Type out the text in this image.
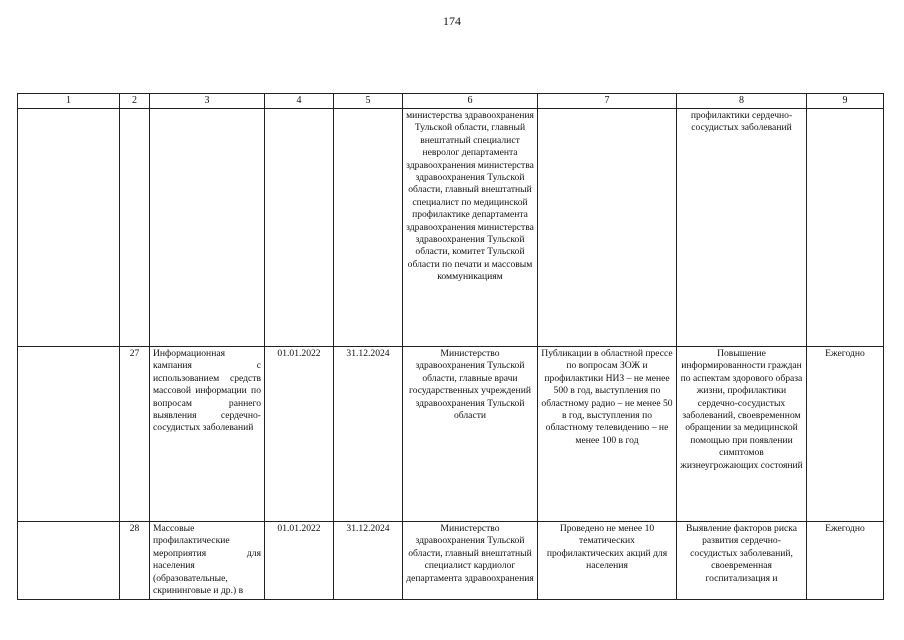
174
1	2	3	4	5	6	7	8	9
					министерства здравоохранения Тульской области, главный внештатный специалист невролог департамента здравоохранения министерства здравоохранения Тульской области, главный внештатный специалист по медицинской профилактике департамента здравоохранения министерства здравоохранения Тульской области, комитет Тульской области по печати и массовым коммуникациям		профилактики сердечно-сосудистых заболеваний	
	27	Информационная кампания с использованием средств массовой информации по вопросам раннего выявления сердечно-сосудистых заболеваний	01.01.2022	31.12.2024	Министерство здравоохранения Тульской области, главные врачи государственных учреждений здравоохранения Тульской области	Публикации в областной прессе по вопросам ЗОЖ и профилактики НИЗ – не менее 500 в год, выступления по областному радио – не менее 50 в год, выступления по областному телевидению – не менее 100 в год	Повышение информированности граждан по аспектам здорового образа жизни, профилактики сердечно-сосудистых заболеваний, своевременном обращении за медицинской помощью при появлении симптомов жизнеугрожающих состояний	Ежегодно
	28	Массовые профилактические мероприятия для населения (образовательные, скрининговые и др.) в	01.01.2022	31.12.2024	Министерство здравоохранения Тульской области, главный внештатный специалист кардиолог департамента здравоохранения	Проведено не менее 10 тематических профилактических акций для населения	Выявление факторов риска развития сердечно-сосудистых заболеваний, своевременная госпитализация и	Ежегодно
